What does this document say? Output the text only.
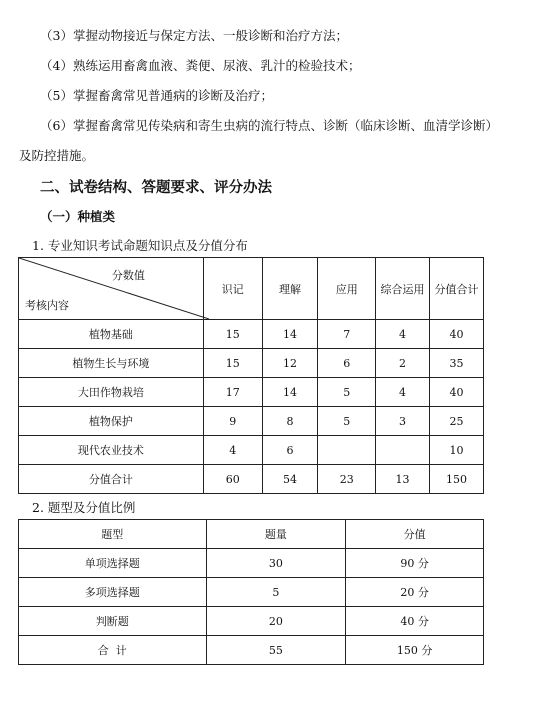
（3）掌握动物接近与保定方法、一般诊断和治疗方法；
（4）熟练运用畜禽血液、粪便、尿液、乳汁的检验技术；
（5）掌握畜禽常见普通病的诊断及治疗；
（6）掌握畜禽常见传染病和寄生虫病的流行特点、诊断（临床诊断、血清学诊断）
及防控措施。
二、试卷结构、答题要求、评分办法
（一）种植类
1. 专业知识考试命题知识点及分值分布
分数值
考核内容	识记	理解	应用	综合运用	分值合计
植物基础	15	14	7	4	40
植物生长与环境	15	12	6	2	35
大田作物栽培	17	14	5	4	40
植物保护	9	8	5	3	25
现代农业技术	4	6			10
分值合计	60	54	23	13	150
2. 题型及分值比例
题型	题量	分值
单项选择题	30	90 分
多项选择题	5	20 分
判断题	20	40 分
合  计	55	150 分
